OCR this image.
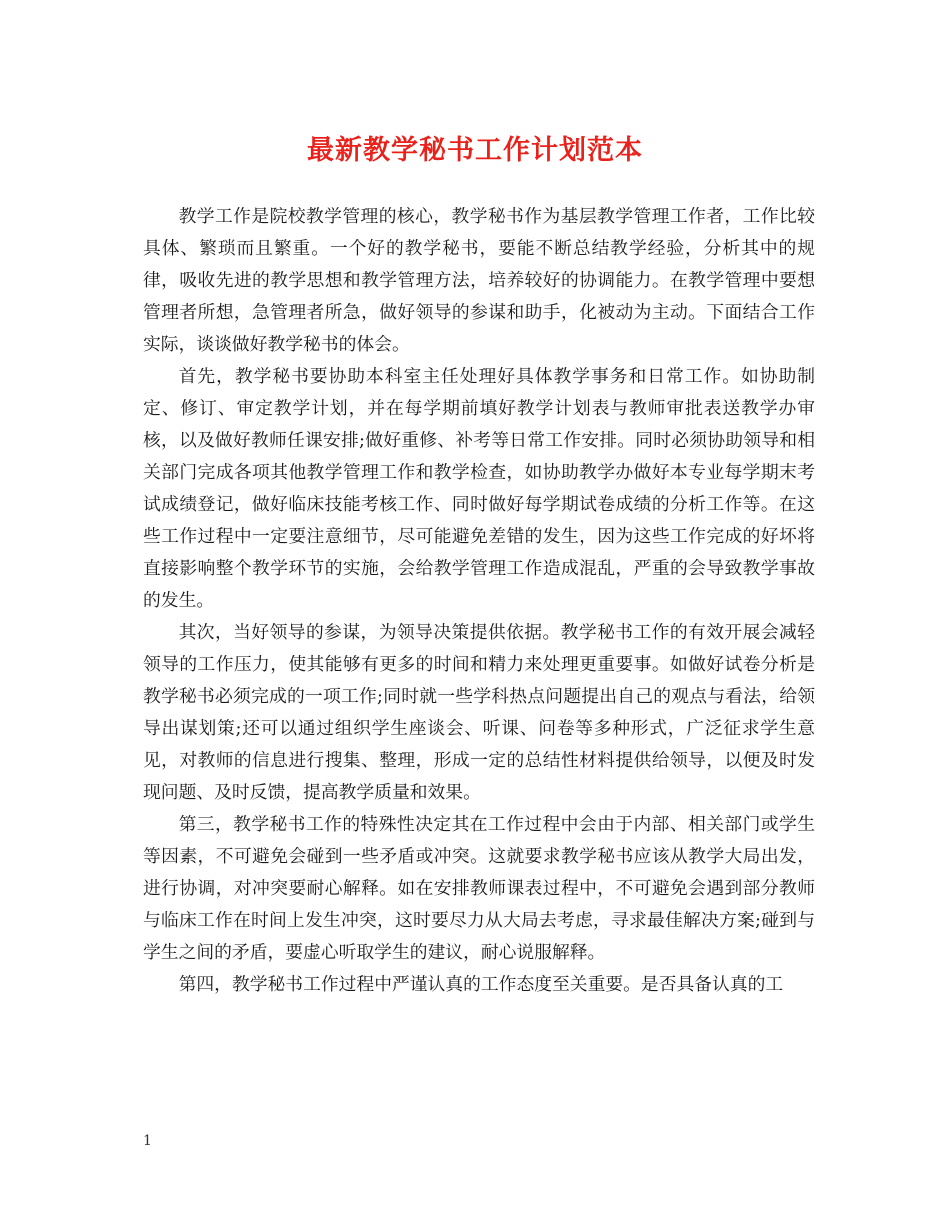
最新教学秘书工作计划范本

教学工作是院校教学管理的核心，教学秘书作为基层教学管理工作者，工作比较具体、繁琐而且繁重。一个好的教学秘书，要能不断总结教学经验，分析其中的规律，吸收先进的教学思想和教学管理方法，培养较好的协调能力。在教学管理中要想管理者所想，急管理者所急，做好领导的参谋和助手，化被动为主动。下面结合工作实际，谈谈做好教学秘书的体会。

首先，教学秘书要协助本科室主任处理好具体教学事务和日常工作。如协助制定、修订、审定教学计划，并在每学期前填好教学计划表与教师审批表送教学办审核，以及做好教师任课安排;做好重修、补考等日常工作安排。同时必须协助领导和相关部门完成各项其他教学管理工作和教学检查，如协助教学办做好本专业每学期末考试成绩登记，做好临床技能考核工作、同时做好每学期试卷成绩的分析工作等。在这些工作过程中一定要注意细节，尽可能避免差错的发生，因为这些工作完成的好坏将直接影响整个教学环节的实施，会给教学管理工作造成混乱，严重的会导致教学事故的发生。

其次，当好领导的参谋，为领导决策提供依据。教学秘书工作的有效开展会减轻领导的工作压力，使其能够有更多的时间和精力来处理更重要事。如做好试卷分析是教学秘书必须完成的一项工作;同时就一些学科热点问题提出自己的观点与看法，给领导出谋划策;还可以通过组织学生座谈会、听课、问卷等多种形式，广泛征求学生意见，对教师的信息进行搜集、整理，形成一定的总结性材料提供给领导，以便及时发现问题、及时反馈，提高教学质量和效果。

第三，教学秘书工作的特殊性决定其在工作过程中会由于内部、相关部门或学生等因素，不可避免会碰到一些矛盾或冲突。这就要求教学秘书应该从教学大局出发，进行协调，对冲突要耐心解释。如在安排教师课表过程中，不可避免会遇到部分教师与临床工作在时间上发生冲突，这时要尽力从大局去考虑，寻求最佳解决方案;碰到与学生之间的矛盾，要虚心听取学生的建议，耐心说服解释。

第四，教学秘书工作过程中严谨认真的工作态度至关重要。是否具备认真的工

1
